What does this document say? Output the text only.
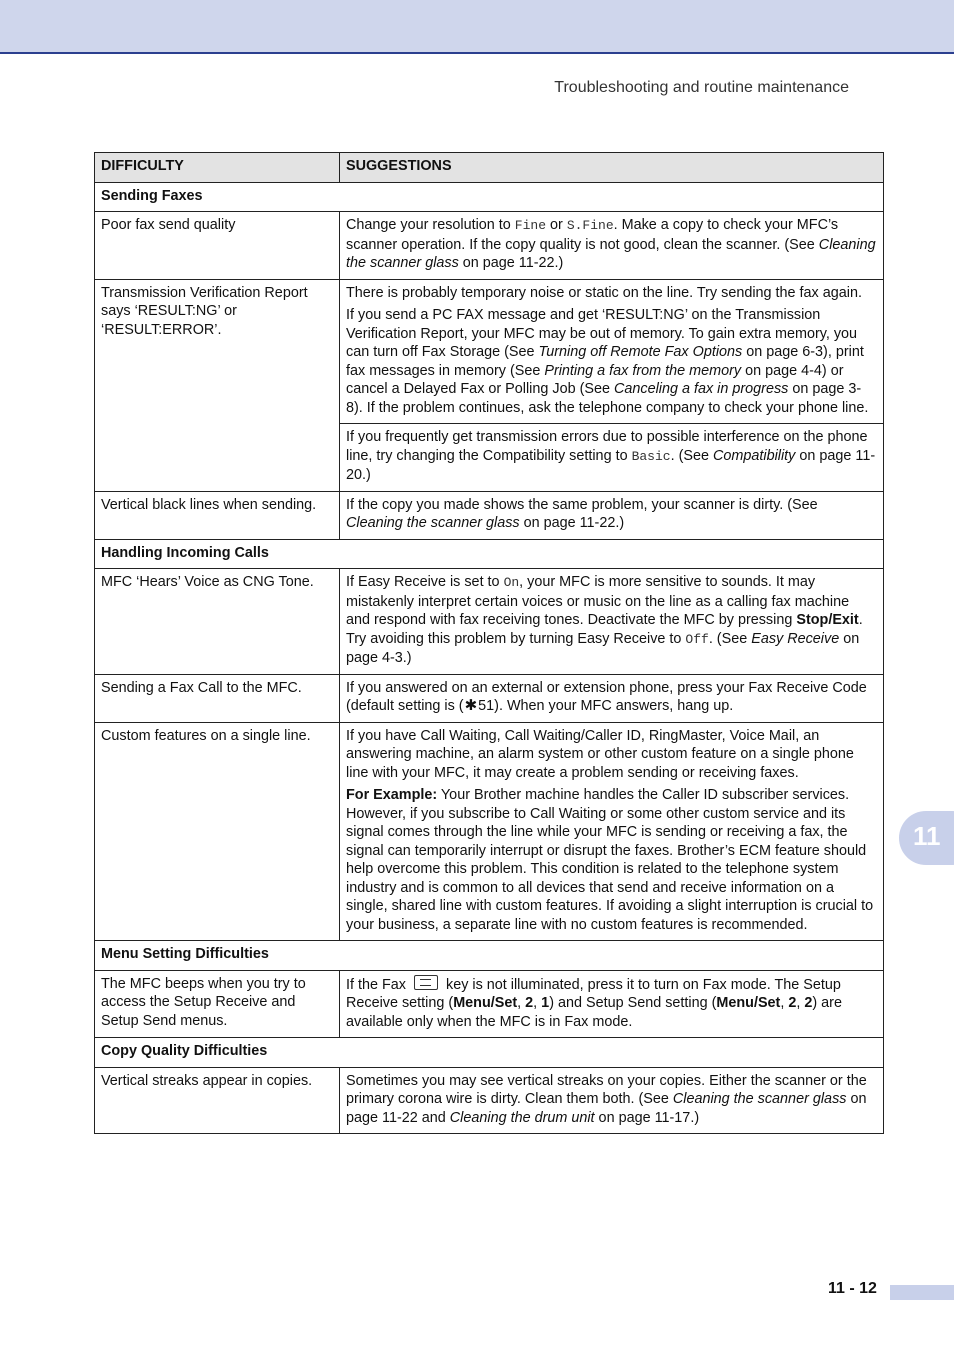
Troubleshooting and routine maintenance
11
DIFFICULTY	SUGGESTIONS
Sending Faxes	
Poor fax send quality	Change your resolution to Fine or S.Fine. Make a copy to check your MFC’s scanner operation. If the copy quality is not good, clean the scanner. (See Cleaning the scanner glass on page 11-22.)

Transmission Verification Report says ‘RESULT:NG’ or ‘RESULT:ERROR’.	There is probably temporary noise or static on the line. Try sending the fax again.

If you send a PC FAX message and get ‘RESULT:NG’ on the Transmission Verification Report, your MFC may be out of memory. To gain extra memory, you can turn off Fax Storage (See Turning off Remote Fax Options on page 6-3), print fax messages in memory (See Printing a fax from the memory on page 4-4) or cancel a Delayed Fax or Polling Job (See Canceling a fax in progress on page 3-8). If the problem continues, ask the telephone company to check your phone line.

	If you frequently get transmission errors due to possible interference on the phone line, try changing the Compatibility setting to Basic. (See Compatibility on page 11-20.)

Vertical black lines when sending.	If the copy you made shows the same problem, your scanner is dirty. (See Cleaning the scanner glass on page 11-22.)

Handling Incoming Calls	
MFC ‘Hears’ Voice as CNG Tone.	If Easy Receive is set to On, your MFC is more sensitive to sounds. It may mistakenly interpret certain voices or music on the line as a calling fax machine and respond with fax receiving tones. Deactivate the MFC by pressing Stop/Exit. Try avoiding this problem by turning Easy Receive to Off. (See Easy Receive on page 4-3.)

Sending a Fax Call to the MFC.	If you answered on an external or extension phone, press your Fax Receive Code (default setting is (✱51). When your MFC answers, hang up.

Custom features on a single line.	If you have Call Waiting, Call Waiting/Caller ID, RingMaster, Voice Mail, an answering machine, an alarm system or other custom feature on a single phone line with your MFC, it may create a problem sending or receiving faxes.

For Example: Your Brother machine handles the Caller ID subscriber services. However, if you subscribe to Call Waiting or some other custom service and its signal comes through the line while your MFC is sending or receiving a fax, the signal can temporarily interrupt or disrupt the faxes. Brother’s ECM feature should help overcome this problem. This condition is related to the telephone system industry and is common to all devices that send and receive information on a single, shared line with custom features. If avoiding a slight interruption is crucial to your business, a separate line with no custom features is recommended.

Menu Setting Difficulties	
The MFC beeps when you try to access the Setup Receive and Setup Send menus.	If the Fax  key is not illuminated, press it to turn on Fax mode. The Setup Receive setting (Menu/Set, 2, 1) and Setup Send setting (Menu/Set, 2, 2) are available only when the MFC is in Fax mode.

Copy Quality Difficulties	
Vertical streaks appear in copies.	Sometimes you may see vertical streaks on your copies. Either the scanner or the primary corona wire is dirty. Clean them both. (See Cleaning the scanner glass on page 11-22 and Cleaning the drum unit on page 11-17.)

11 - 12
